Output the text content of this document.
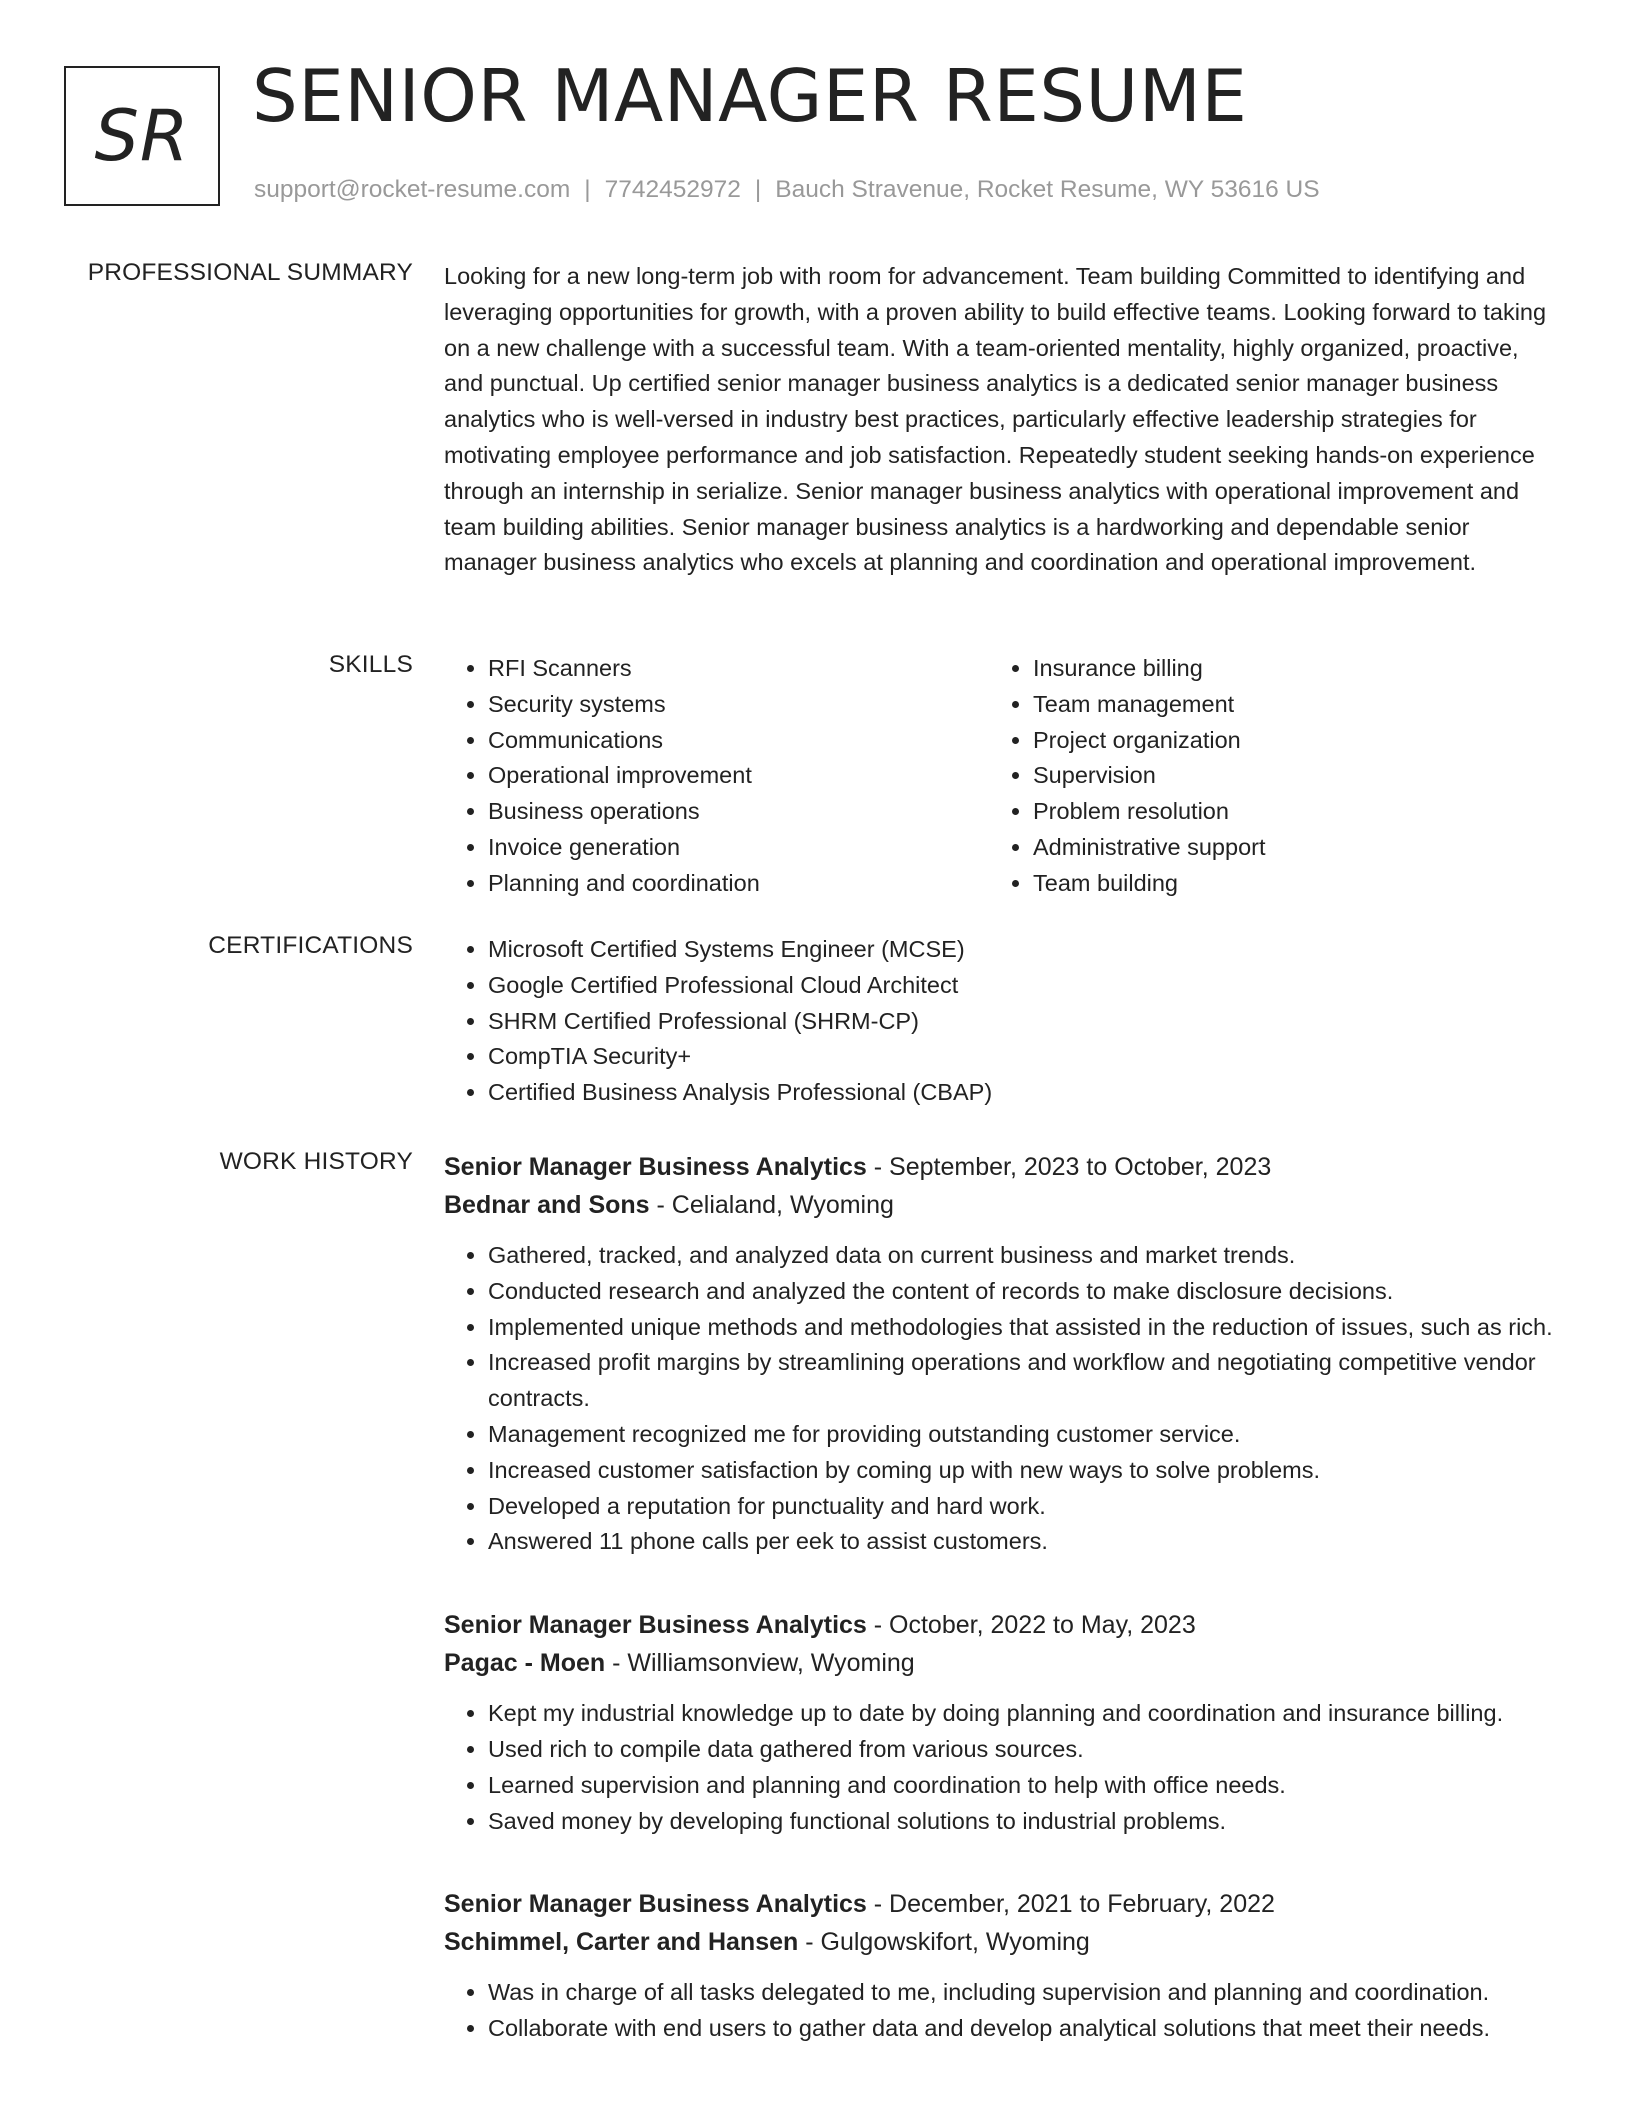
SR SENIOR MANAGER RESUME
support@rocket-resume.com | 7742452972 | Bauch Stravenue, Rocket Resume, WY 53616 US
PROFESSIONAL SUMMARY Looking for a new long-term job with room for advancement. Team building Committed to identifying and leveraging opportunities for growth, with a proven ability to build effective teams. Looking forward to taking on a new challenge with a successful team. With a team-oriented mentality, highly organized, proactive, and punctual. Up certified senior manager business analytics is a dedicated senior manager business analytics who is well-versed in industry best practices, particularly effective leadership strategies for motivating employee performance and job satisfaction. Repeatedly student seeking hands-on experience through an internship in serialize. Senior manager business analytics with operational improvement and team building abilities. Senior manager business analytics is a hardworking and dependable senior manager business analytics who excels at planning and coordination and operational improvement.

SKILLS	• RFI Scanners
• Security systems
• Communications
• Operational improvement
• Business operations
• Invoice generation
• Planning and coordination
• Insurance billing
• Team management
• Project organization
• Supervision
• Problem resolution
• Administrative support
• Team building
CERTIFICATIONS	• Microsoft Certified Systems Engineer (MCSE)
• Google Certified Professional Cloud Architect
• SHRM Certified Professional (SHRM-CP)
• CompTIA Security+
• Certified Business Analysis Professional (CBAP)
WORK HISTORY Senior Manager Business Analytics - September, 2023 to October, 2023
Bednar and Sons - Celialand, Wyoming
• Gathered, tracked, and analyzed data on current business and market trends.
• Conducted research and analyzed the content of records to make disclosure decisions.
• Implemented unique methods and methodologies that assisted in the reduction of issues, such as rich.
• Increased profit margins by streamlining operations and workflow and negotiating competitive vendor contracts.
• Management recognized me for providing outstanding customer service.
• Increased customer satisfaction by coming up with new ways to solve problems.
• Developed a reputation for punctuality and hard work.
• Answered 11 phone calls per eek to assist customers.
Senior Manager Business Analytics - October, 2022 to May, 2023
Pagac - Moen - Williamsonview, Wyoming
• Kept my industrial knowledge up to date by doing planning and coordination and insurance billing.
• Used rich to compile data gathered from various sources.
• Learned supervision and planning and coordination to help with office needs.
• Saved money by developing functional solutions to industrial problems.
Senior Manager Business Analytics - December, 2021 to February, 2022
Schimmel, Carter and Hansen - Gulgowskifort, Wyoming
• Was in charge of all tasks delegated to me, including supervision and planning and coordination.
• Collaborate with end users to gather data and develop analytical solutions that meet their needs.
